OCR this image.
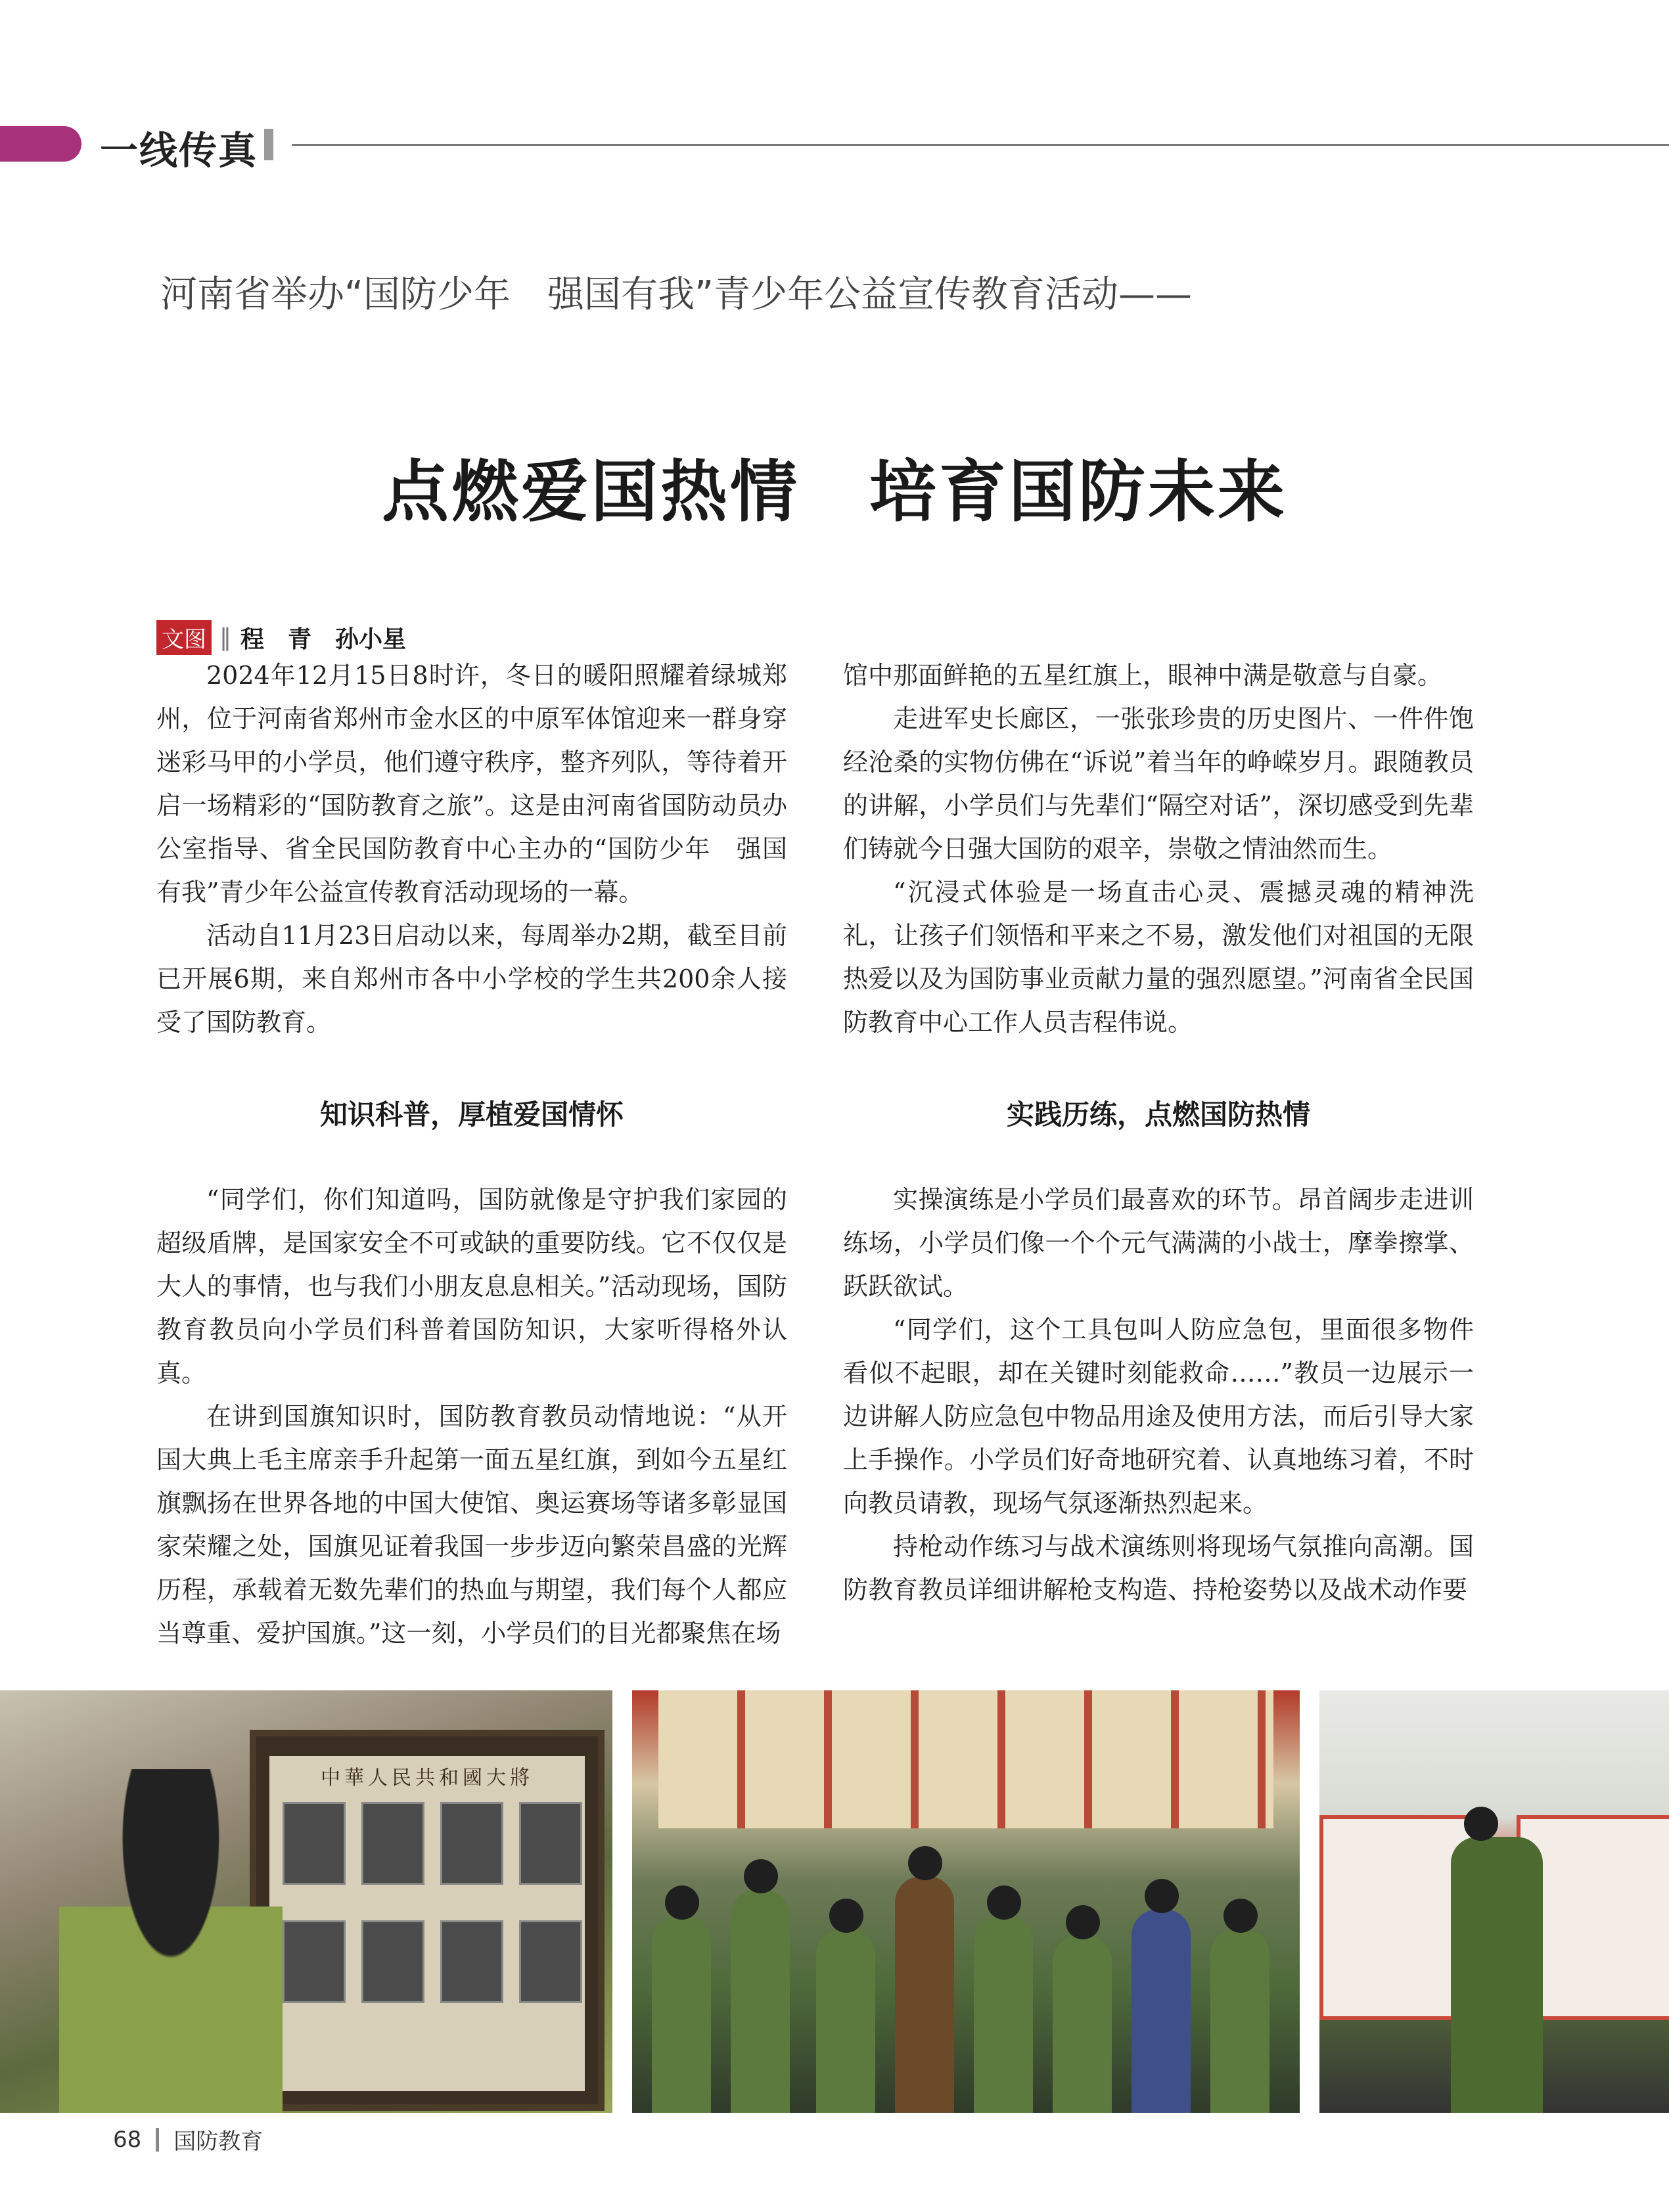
一线传真
河南省举办“国防少年　强国有我”青少年公益宣传教育活动——
点燃爱国热情　培育国防未来
文图 ‖ 程　青　孙小星

2024年12月15日8时许，冬日的暖阳照耀着绿城郑州，位于河南省郑州市金水区的中原军体馆迎来一群身穿迷彩马甲的小学员，他们遵守秩序，整齐列队，等待着开启一场精彩的“国防教育之旅”。这是由河南省国防动员办公室指导、省全民国防教育中心主办的“国防少年　强国有我”青少年公益宣传教育活动现场的一幕。

活动自11月23日启动以来，每周举办2期，截至目前已开展6期，来自郑州市各中小学校的学生共200余人接受了国防教育。

馆中那面鲜艳的五星红旗上，眼神中满是敬意与自豪。

走进军史长廊区，一张张珍贵的历史图片、一件件饱经沧桑的实物仿佛在“诉说”着当年的峥嵘岁月。跟随教员的讲解，小学员们与先辈们“隔空对话”，深切感受到先辈们铸就今日强大国防的艰辛，崇敬之情油然而生。

“沉浸式体验是一场直击心灵、震撼灵魂的精神洗礼，让孩子们领悟和平来之不易，激发他们对祖国的无限热爱以及为国防事业贡献力量的强烈愿望。”河南省全民国防教育中心工作人员吉程伟说。

知识科普，厚植爱国情怀	实践历练，点燃国防热情

“同学们，你们知道吗，国防就像是守护我们家园的超级盾牌，是国家安全不可或缺的重要防线。它不仅仅是大人的事情，也与我们小朋友息息相关。”活动现场，国防教育教员向小学员们科普着国防知识，大家听得格外认真。

在讲到国旗知识时，国防教育教员动情地说：“从开国大典上毛主席亲手升起第一面五星红旗，到如今五星红旗飘扬在世界各地的中国大使馆、奥运赛场等诸多彰显国家荣耀之处，国旗见证着我国一步步迈向繁荣昌盛的光辉历程，承载着无数先辈们的热血与期望，我们每个人都应当尊重、爱护国旗。”这一刻，小学员们的目光都聚焦在场

实操演练是小学员们最喜欢的环节。昂首阔步走进训练场，小学员们像一个个元气满满的小战士，摩拳擦掌、跃跃欲试。

“同学们，这个工具包叫人防应急包，里面很多物件看似不起眼，却在关键时刻能救命……”教员一边展示一边讲解人防应急包中物品用途及使用方法，而后引导大家上手操作。小学员们好奇地研究着、认真地练习着，不时向教员请教，现场气氛逐渐热烈起来。

持枪动作练习与战术演练则将现场气氛推向高潮。国防教育教员详细讲解枪支构造、持枪姿势以及战术动作要

中華人民共和國大將
68 国防教育
